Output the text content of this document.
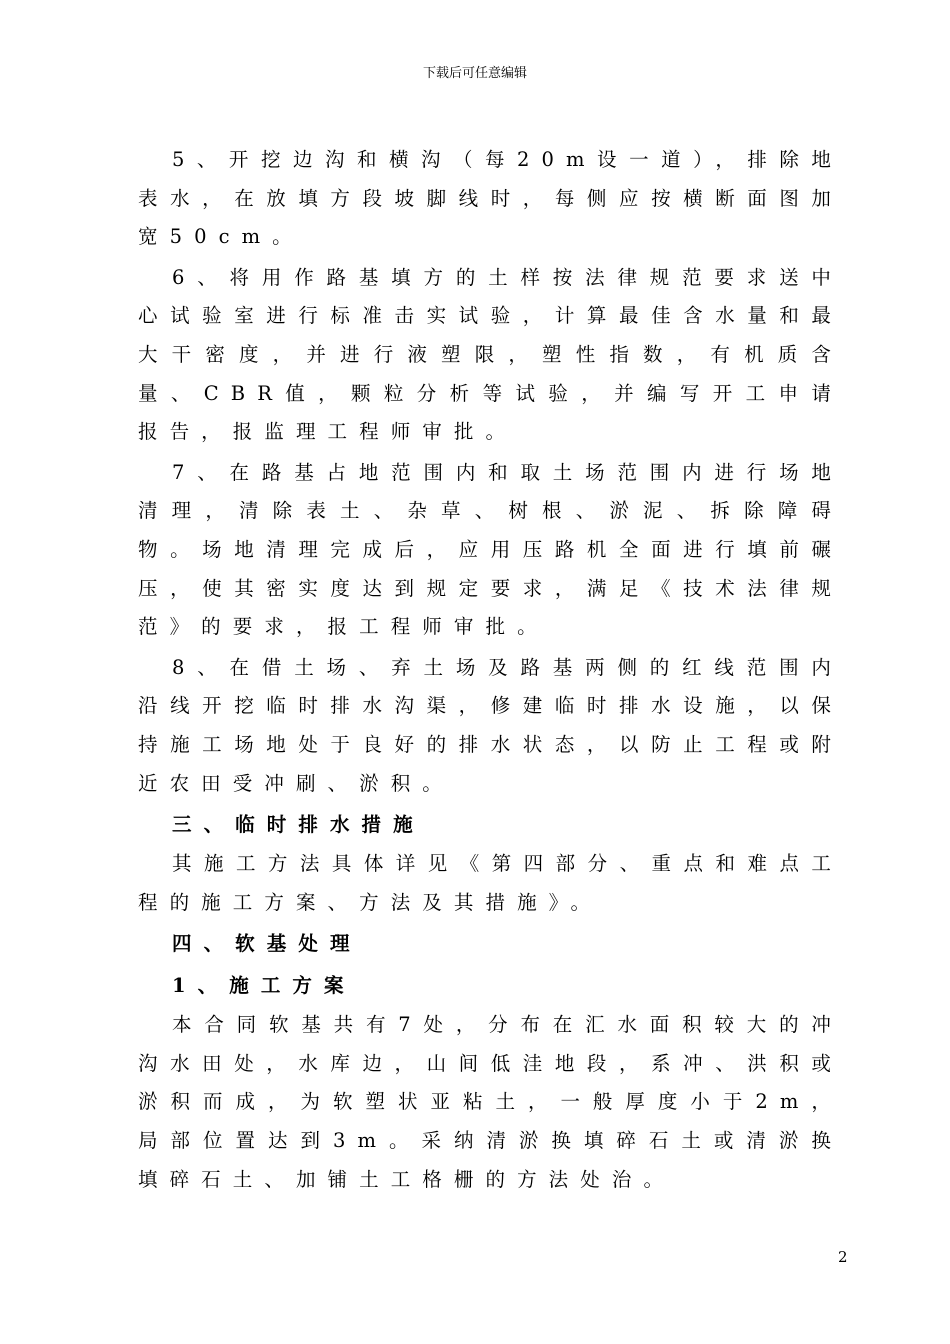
下载后可任意编辑

5、开挖边沟和横沟（每20m设一道），排除地表水，在放填方段坡脚线时，每侧应按横断面图加宽50cm。

6、将用作路基填方的土样按法律规范要求送中心试验室进行标准击实试验，计算最佳含水量和最大干密度，并进行液塑限，塑性指数，有机质含量、CBR值，颗粒分析等试验，并编写开工申请报告，报监理工程师审批。

7、在路基占地范围内和取土场范围内进行场地清理，清除表土、杂草、树根、淤泥、拆除障碍物。场地清理完成后，应用压路机全面进行填前碾压，使其密实度达到规定要求，满足《技术法律规范》的要求，报工程师审批。

8、在借土场、弃土场及路基两侧的红线范围内沿线开挖临时排水沟渠，修建临时排水设施，以保持施工场地处于良好的排水状态，以防止工程或附近农田受冲刷、淤积。

三、临时排水措施

其施工方法具体详见《第四部分、重点和难点工程的施工方案、方法及其措施》。

四、软基处理

1、施工方案

本合同软基共有7处，分布在汇水面积较大的冲沟水田处，水库边，山间低洼地段，系冲、洪积或淤积而成，为软塑状亚粘土，一般厚度小于2m，局部位置达到3m。采纳清淤换填碎石土或清淤换填碎石土、加铺土工格栅的方法处治。

2
